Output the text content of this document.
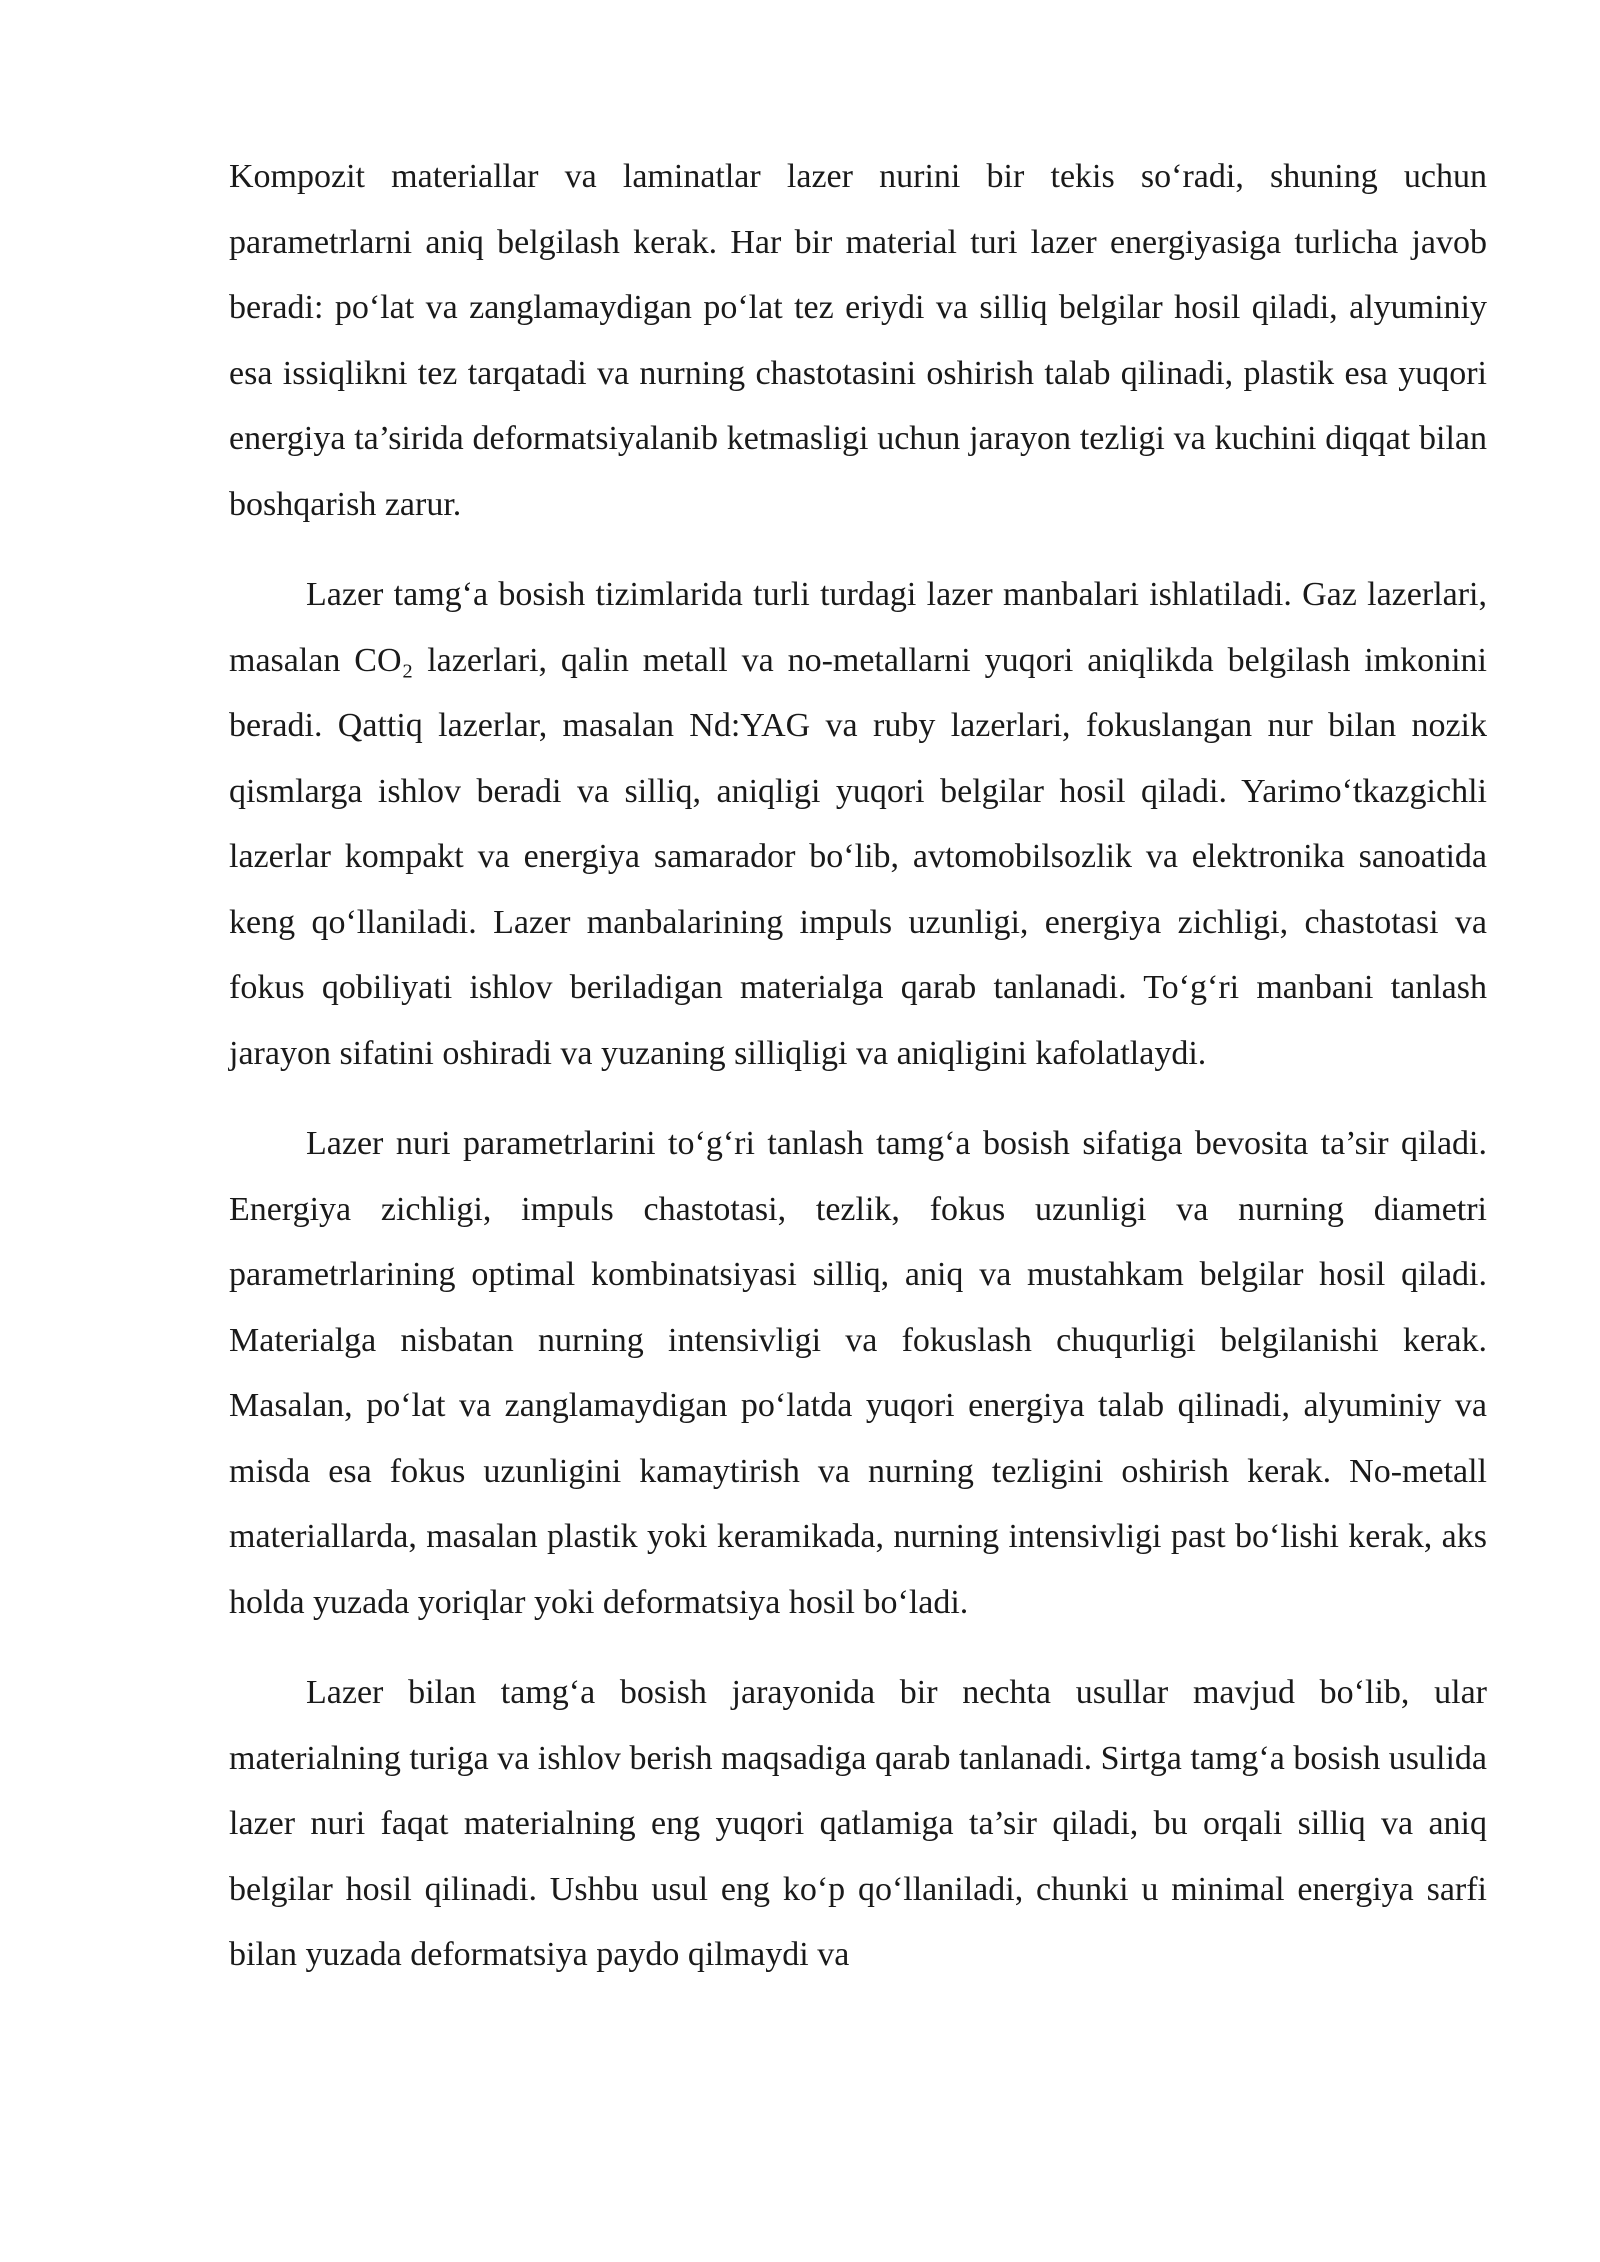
Kompozit materiallar va laminatlar lazer nurini bir tekis so‘radi, shuning uchun parametrlarni aniq belgilash kerak. Har bir material turi lazer energiyasiga turlicha javob beradi: po‘lat va zanglamaydigan po‘lat tez eriydi va silliq belgilar hosil qiladi, alyuminiy esa issiqlikni tez tarqatadi va nurning chastotasini oshirish talab qilinadi, plastik esa yuqori energiya ta’sirida deformatsiyalanib ketmasligi uchun jarayon tezligi va kuchini diqqat bilan boshqarish zarur.

Lazer tamg‘a bosish tizimlarida turli turdagi lazer manbalari ishlatiladi. Gaz lazerlari, masalan CO₂ lazerlari, qalin metall va no-metallarni yuqori aniqlikda belgilash imkonini beradi. Qattiq lazerlar, masalan Nd:YAG va ruby lazerlari, fokuslangan nur bilan nozik qismlarga ishlov beradi va silliq, aniqligi yuqori belgilar hosil qiladi. Yarimo‘tkazgichli lazerlar kompakt va energiya samarador bo‘lib, avtomobilsozlik va elektronika sanoatida keng qo‘llaniladi. Lazer manbalarining impuls uzunligi, energiya zichligi, chastotasi va fokus qobiliyati ishlov beriladigan materialga qarab tanlanadi. To‘g‘ri manbani tanlash jarayon sifatini oshiradi va yuzaning silliqligi va aniqligini kafolatlaydi.

Lazer nuri parametrlarini to‘g‘ri tanlash tamg‘a bosish sifatiga bevosita ta’sir qiladi. Energiya zichligi, impuls chastotasi, tezlik, fokus uzunligi va nurning diametri parametrlarining optimal kombinatsiyasi silliq, aniq va mustahkam belgilar hosil qiladi. Materialga nisbatan nurning intensivligi va fokuslash chuqurligi belgilanishi kerak. Masalan, po‘lat va zanglamaydigan po‘latda yuqori energiya talab qilinadi, alyuminiy va misda esa fokus uzunligini kamaytirish va nurning tezligini oshirish kerak. No-metall materiallarda, masalan plastik yoki keramikada, nurning intensivligi past bo‘lishi kerak, aks holda yuzada yoriqlar yoki deformatsiya hosil bo‘ladi.

Lazer bilan tamg‘a bosish jarayonida bir nechta usullar mavjud bo‘lib, ular materialning turiga va ishlov berish maqsadiga qarab tanlanadi. Sirtga tamg‘a bosish usulida lazer nuri faqat materialning eng yuqori qatlamiga ta’sir qiladi, bu orqali silliq va aniq belgilar hosil qilinadi. Ushbu usul eng ko‘p qo‘llaniladi, chunki u minimal energiya sarfi bilan yuzada deformatsiya paydo qilmaydi va
